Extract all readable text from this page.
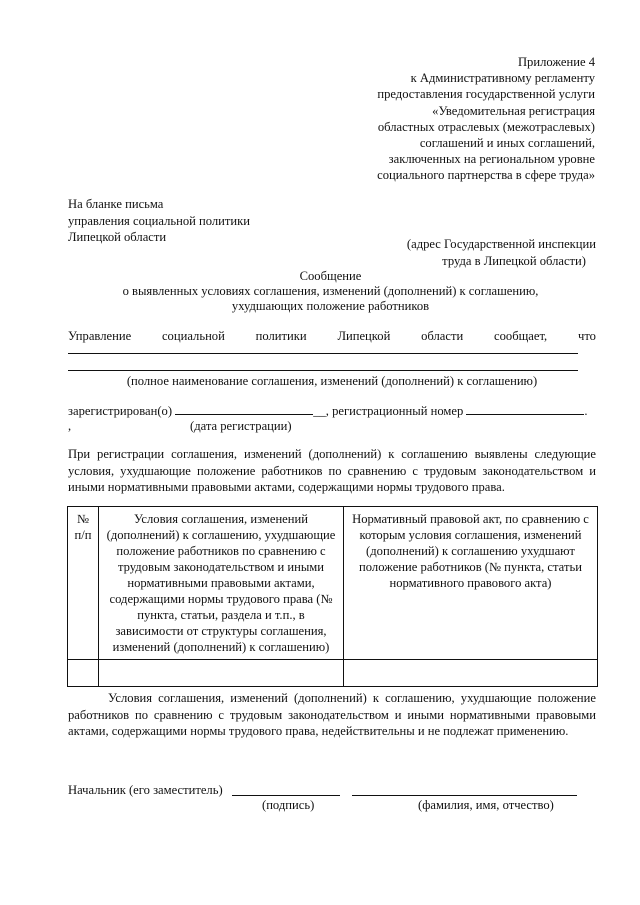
Приложение 4
к Административному регламенту
предоставления государственной услуги
«Уведомительная регистрация
областных отраслевых (межотраслевых)
соглашений и иных соглашений,
заключенных на региональном уровне
социального партнерства в сфере труда»
На бланке письма
управления социальной политики
Липецкой области	(адрес Государственной инспекции
труда в Липецкой области)
Сообщение
о выявленных условиях соглашения, изменений (дополнений) к соглашению,
ухудшающих положение работников
Управление социальной политики Липецкой области сообщает, что
(полное наименование соглашения, изменений (дополнений) к соглашению)
зарегистрирован(о)	__, регистрационный номер	.
,	(дата регистрации)
При регистрации соглашения, изменений (дополнений) к соглашению выявлены следующие условия, ухудшающие положение работников по сравнению с трудовым законодательством и иными нормативными правовыми актами, содержащими нормы трудового права.
№ п/п	Условия соглашения, изменений (дополнений) к соглашению, ухудшающие положение работников по сравнению с трудовым законодательством и иными нормативными правовыми актами, содержащими нормы трудового права (№ пункта, статьи, раздела и т.п., в зависимости от структуры соглашения, изменений (дополнений) к соглашению)	Нормативный правовой акт, по сравнению с которым условия соглашения, изменений (дополнений) к соглашению ухудшают положение работников (№ пункта, статьи нормативного правового акта)

Условия соглашения, изменений (дополнений) к соглашению, ухудшающие положение работников по сравнению с трудовым законодательством и иными нормативными правовыми актами, содержащими нормы трудового права, недействительны и не подлежат применению.
Начальник (его заместитель)
(подпись)	(фамилия, имя, отчество)
